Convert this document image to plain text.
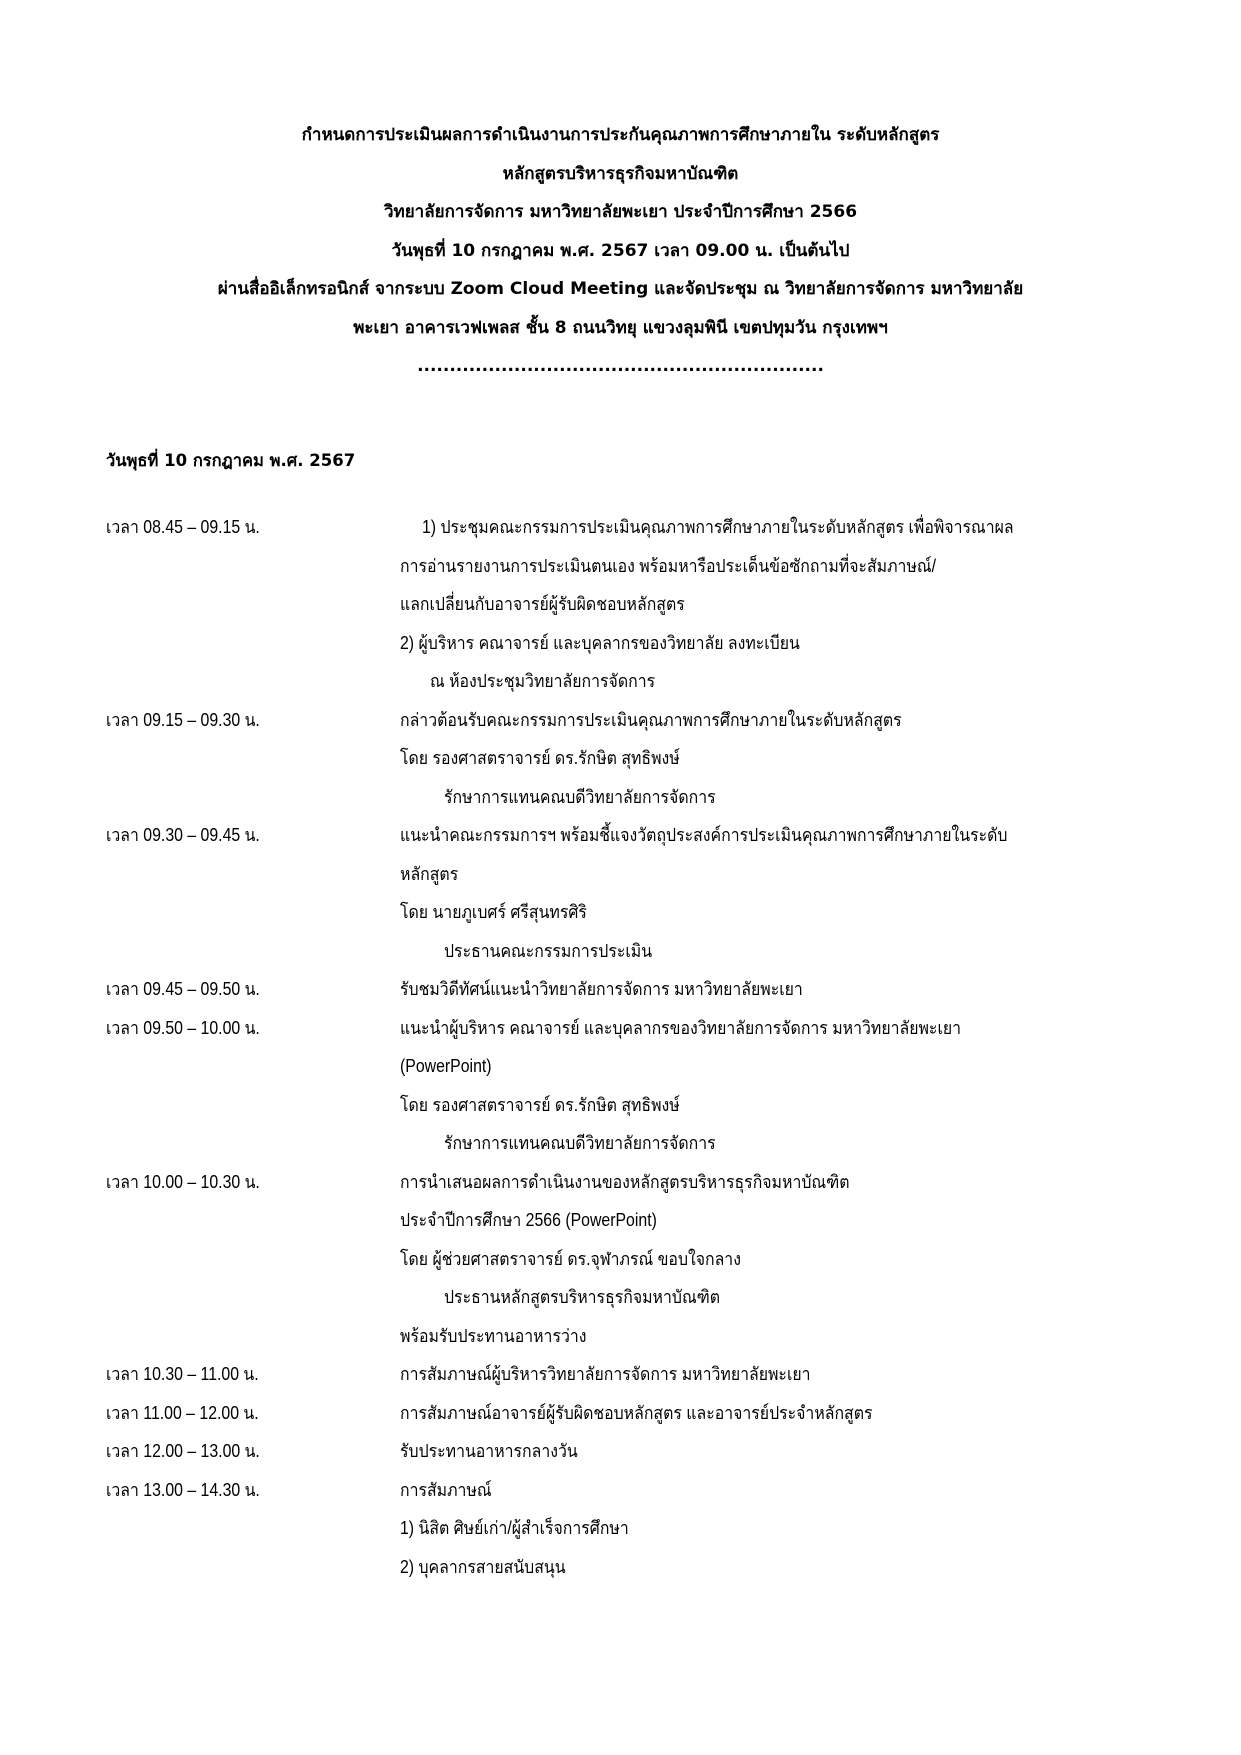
กำหนดการประเมินผลการดำเนินงานการประกันคุณภาพการศึกษาภายใน ระดับหลักสูตร
หลักสูตรบริหารธุรกิจมหาบัณฑิต
วิทยาลัยการจัดการ มหาวิทยาลัยพะเยา ประจำปีการศึกษา 2566
วันพุธที่ 10 กรกฎาคม พ.ศ. 2567 เวลา 09.00 น. เป็นต้นไป
ผ่านสื่ออิเล็กทรอนิกส์ จากระบบ Zoom Cloud Meeting และจัดประชุม ณ วิทยาลัยการจัดการ มหาวิทยาลัย
พะเยา อาคารเวฟเพลส ชั้น 8 ถนนวิทยุ แขวงลุมพินี เขตปทุมวัน กรุงเทพฯ
...............................................................
วันพุธที่ 10 กรกฎาคม พ.ศ. 2567
เวลา 08.45 – 09.15 น.	1) ประชุมคณะกรรมการประเมินคุณภาพการศึกษาภายในระดับหลักสูตร เพื่อพิจารณาผล
การอ่านรายงานการประเมินตนเอง พร้อมหารือประเด็นข้อซักถามที่จะสัมภาษณ์/
แลกเปลี่ยนกับอาจารย์ผู้รับผิดชอบหลักสูตร
2) ผู้บริหาร คณาจารย์ และบุคลากรของวิทยาลัย ลงทะเบียน
ณ ห้องประชุมวิทยาลัยการจัดการ
เวลา 09.15 – 09.30 น.	กล่าวต้อนรับคณะกรรมการประเมินคุณภาพการศึกษาภายในระดับหลักสูตร
โดย รองศาสตราจารย์ ดร.รักษิต สุทธิพงษ์
รักษาการแทนคณบดีวิทยาลัยการจัดการ
เวลา 09.30 – 09.45 น.	แนะนำคณะกรรมการฯ พร้อมชี้แจงวัตถุประสงค์การประเมินคุณภาพการศึกษาภายในระดับ
หลักสูตร
โดย นายภูเบศร์ ศรีสุนทรศิริ
ประธานคณะกรรมการประเมิน
เวลา 09.45 – 09.50 น.	รับชมวิดีทัศน์แนะนำวิทยาลัยการจัดการ มหาวิทยาลัยพะเยา
เวลา 09.50 – 10.00 น.	แนะนำผู้บริหาร คณาจารย์ และบุคลากรของวิทยาลัยการจัดการ มหาวิทยาลัยพะเยา
(PowerPoint)
โดย รองศาสตราจารย์ ดร.รักษิต สุทธิพงษ์
รักษาการแทนคณบดีวิทยาลัยการจัดการ
เวลา 10.00 – 10.30 น.	การนำเสนอผลการดำเนินงานของหลักสูตรบริหารธุรกิจมหาบัณฑิต
ประจำปีการศึกษา 2566 (PowerPoint)
โดย ผู้ช่วยศาสตราจารย์ ดร.จุฬาภรณ์ ขอบใจกลาง
ประธานหลักสูตรบริหารธุรกิจมหาบัณฑิต
พร้อมรับประทานอาหารว่าง
เวลา 10.30 – 11.00 น.	การสัมภาษณ์ผู้บริหารวิทยาลัยการจัดการ มหาวิทยาลัยพะเยา
เวลา 11.00 – 12.00 น.	การสัมภาษณ์อาจารย์ผู้รับผิดชอบหลักสูตร และอาจารย์ประจำหลักสูตร
เวลา 12.00 – 13.00 น.	รับประทานอาหารกลางวัน
เวลา 13.00 – 14.30 น.	การสัมภาษณ์
1) นิสิต ศิษย์เก่า/ผู้สำเร็จการศึกษา
2) บุคลากรสายสนับสนุน
